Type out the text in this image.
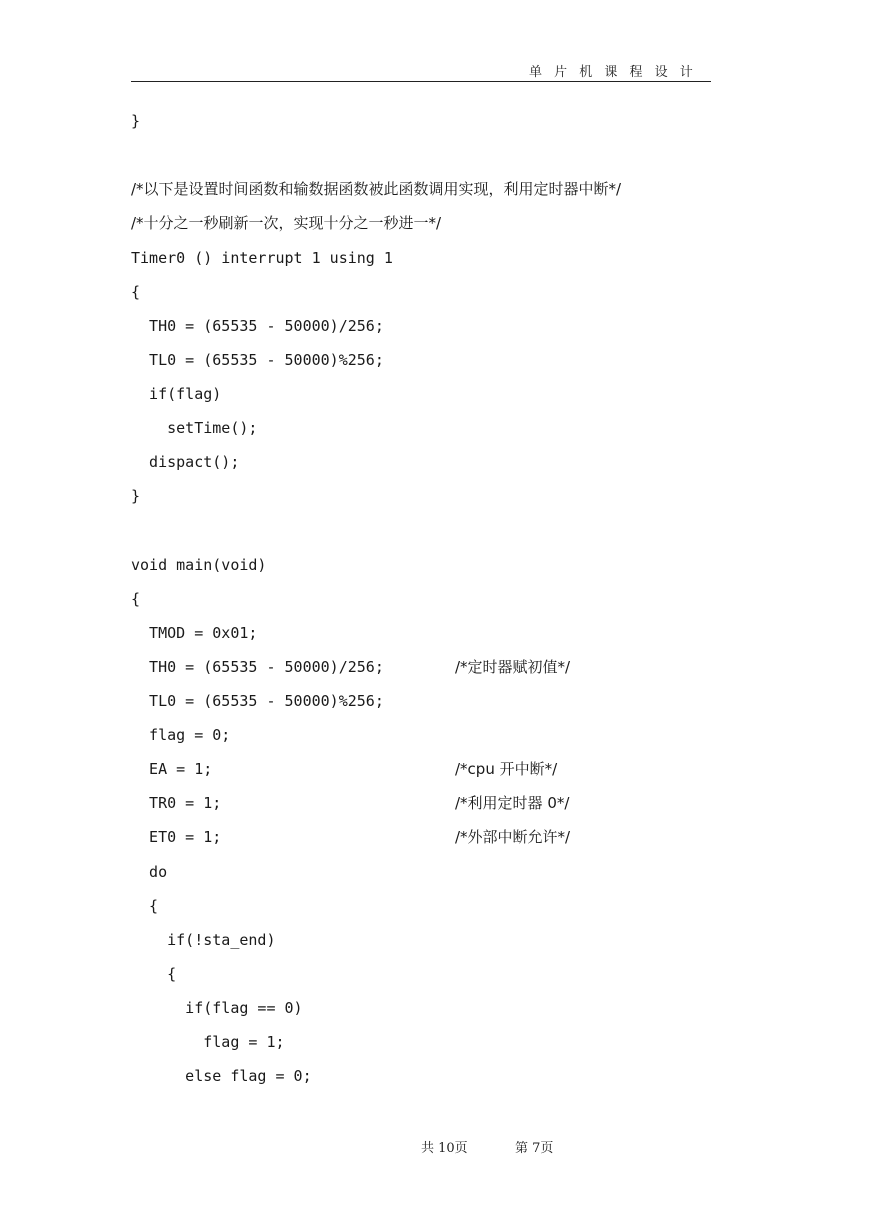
单 片 机 课 程 设 计
}
/*以下是设置时间函数和输数据函数被此函数调用实现，利用定时器中断*/
/*十分之一秒刷新一次，实现十分之一秒进一*/
Timer0 () interrupt 1 using 1
{
TH0 = (65535 - 50000)/256;
TL0 = (65535 - 50000)%256;
if(flag)
setTime();
dispact();
}
void main(void)
{
TMOD = 0x01;
TH0 = (65535 - 50000)/256;
TL0 = (65535 - 50000)%256;
flag = 0;
EA = 1;
TR0 = 1;
ET0 = 1;
do
{
if(!sta_end)
{
if(flag == 0)
flag = 1;
else flag = 0;
/*定时器赋初值*/
/*cpu 开中断*/
/*利用定时器 0*/
/*外部中断允许*/
共 10页	第 7页
